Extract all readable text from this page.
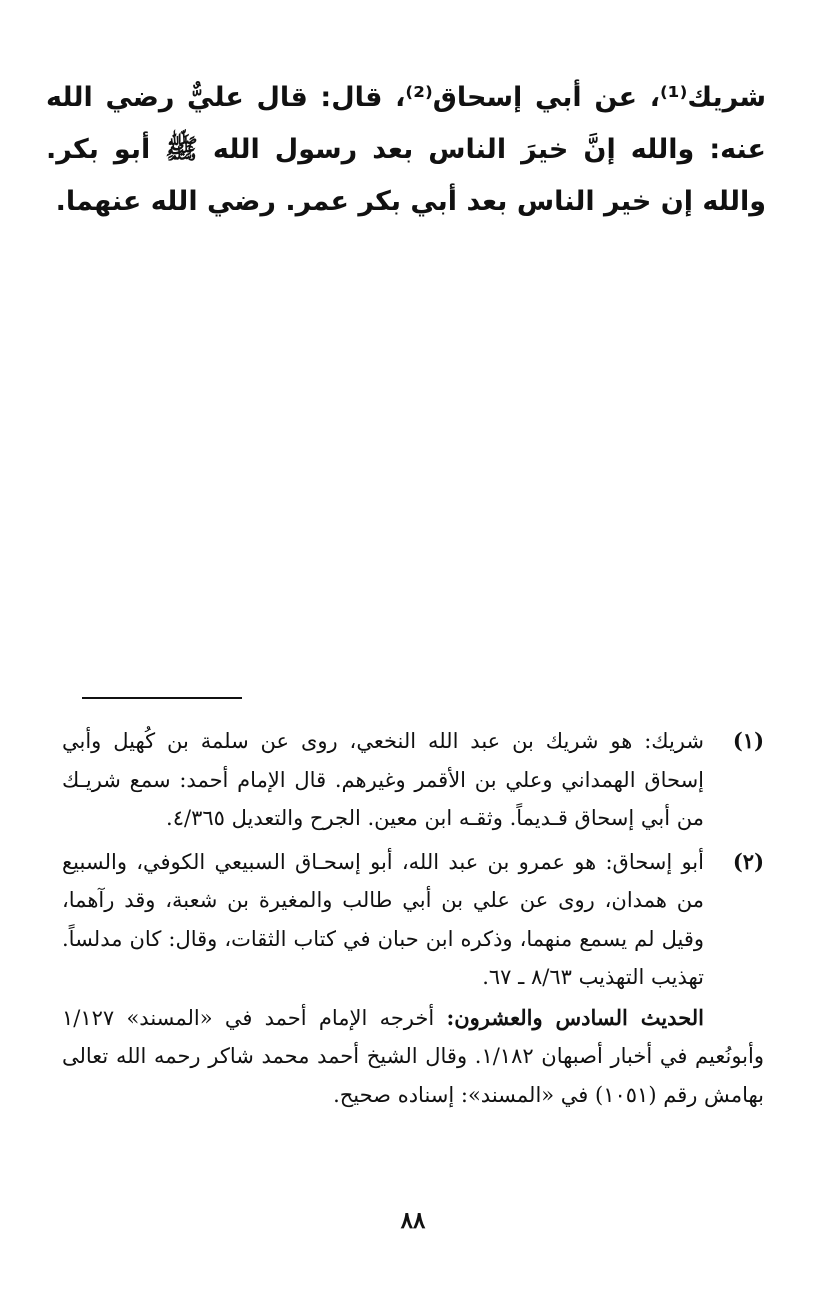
شريك⁽¹⁾، عن أبي إسحاق⁽²⁾، قال: قال عليٌّ رضي الله عنه: والله إنَّ خيرَ الناس بعد رسول الله ﷺ أبو بكر. والله إن خير الناس بعد أبي بكر عمر. رضي الله عنهما.

(١)
شريك: هو شريك بن عبد الله النخعي، روى عن سلمة بن كُهيل وأبي إسحاق الهمداني وعلي بن الأقمر وغيرهم. قال الإمام أحمد: سمع شريـك من أبي إسحاق قـديماً. وثقـه ابن معين. الجرح والتعديل ٤/٣٦٥.
(٢)
أبو إسحاق: هو عمرو بن عبد الله، أبو إسحـاق السبيعي الكوفي، والسبيع من همدان، روى عن علي بن أبي طالب والمغيرة بن شعبة، وقد رآهما، وقيل لم يسمع منهما، وذكره ابن حبان في كتاب الثقات، وقال: كان مدلساً. تهذيب التهذيب ٨/٦٣ ـ ٦٧.
الحديث السادس والعشرون: أخرجه الإمام أحمد في «المسند» ١/١٢٧ وأبونُعيم في أخبار أصبهان ١/١٨٢. وقال الشيخ أحمد محمد شاكر رحمه الله تعالى بهامش رقم (١٠٥١) في «المسند»: إسناده صحيح.
٨٨
